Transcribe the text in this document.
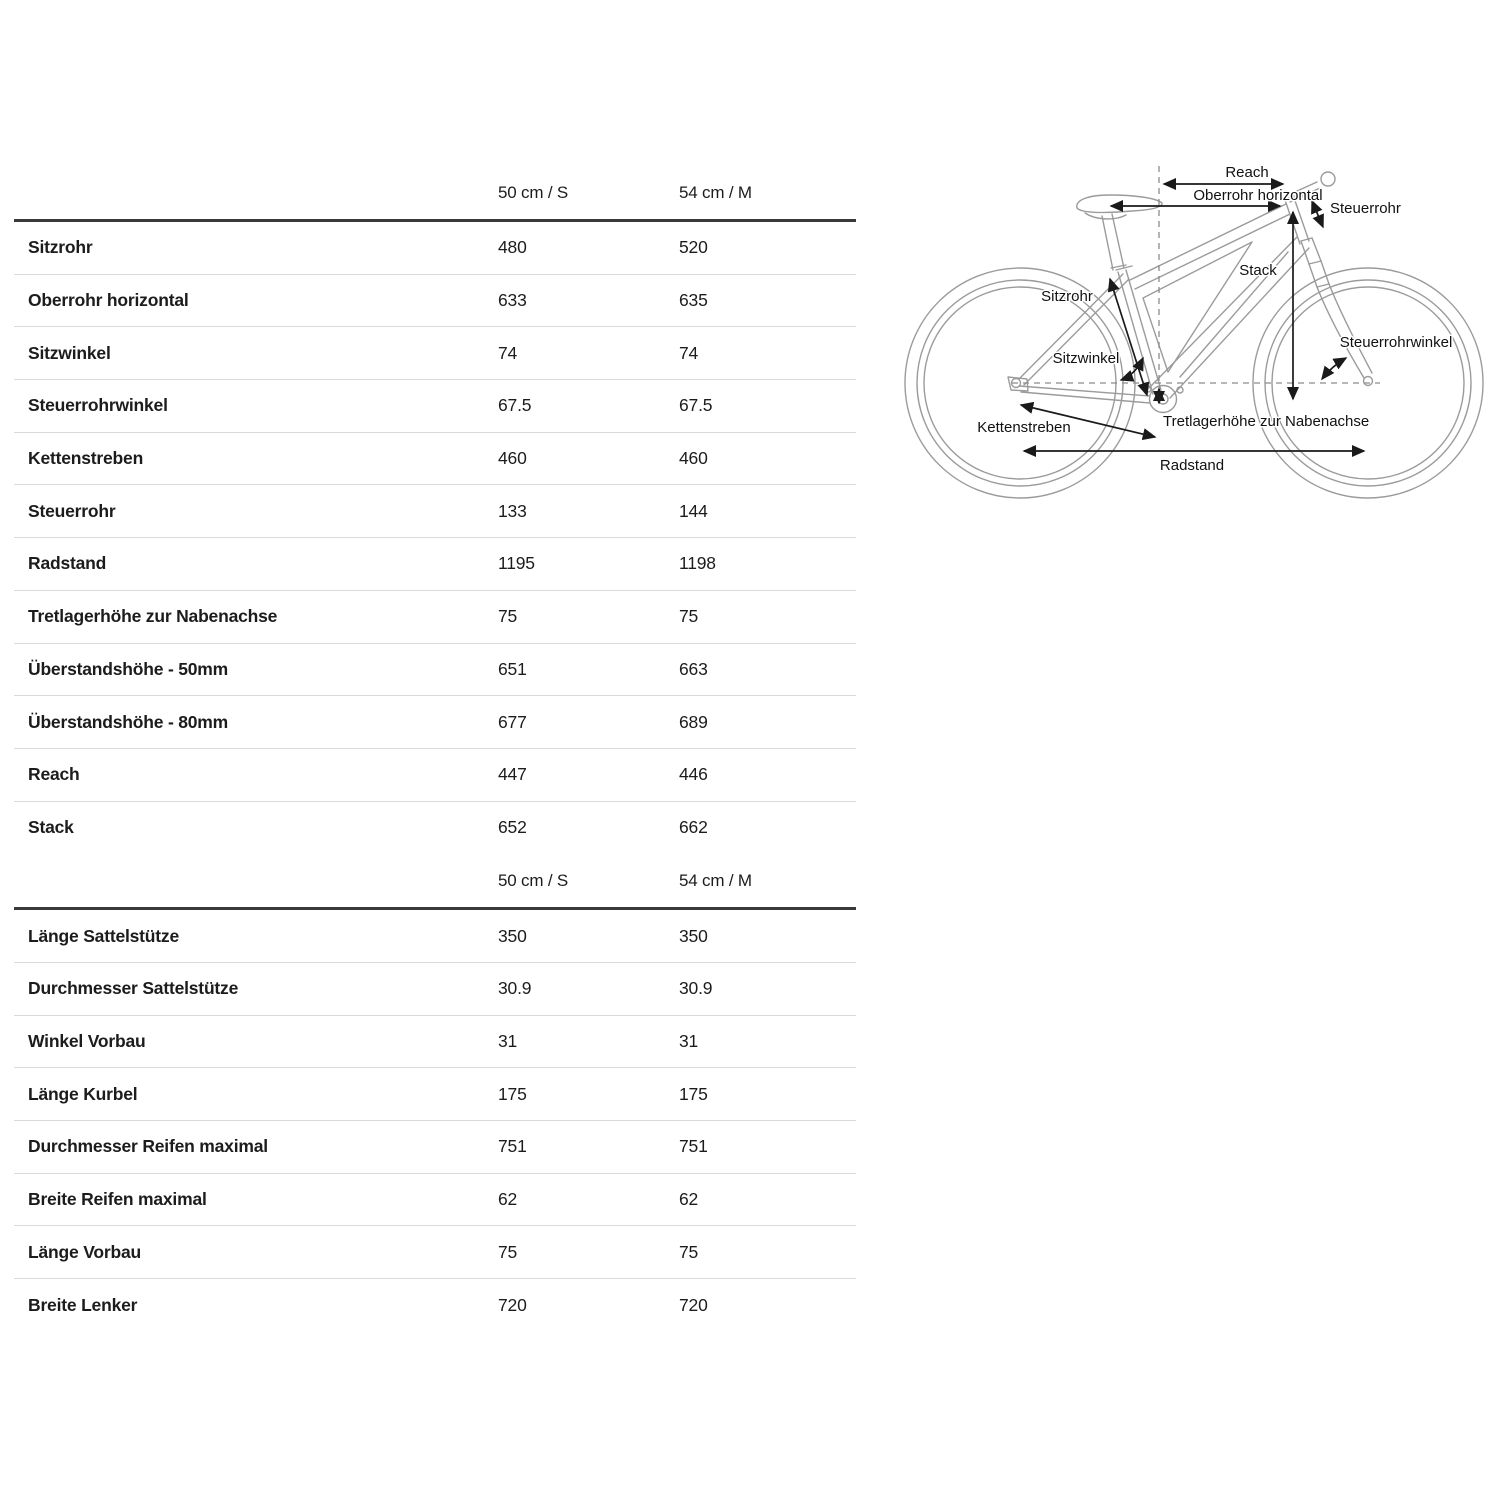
50 cm / S	54 cm / M
Sitzrohr	480	520
Oberrohr horizontal	633	635
Sitzwinkel	74	74
Steuerrohrwinkel	67.5	67.5
Kettenstreben	460	460
Steuerrohr	133	144
Radstand	1195	1198
Tretlagerhöhe zur Nabenachse	75	75
Überstandshöhe - 50mm	651	663
Überstandshöhe - 80mm	677	689
Reach	447	446
Stack	652	662
50 cm / S	54 cm / M
Länge Sattelstütze	350	350
Durchmesser Sattelstütze	30.9	30.9
Winkel Vorbau	31	31
Länge Kurbel	175	175
Durchmesser Reifen maximal	751	751
Breite Reifen maximal	62	62
Länge Vorbau	75	75
Breite Lenker	720	720
Reach
Oberrohr horizontal
Steuerrohr
Stack
Sitzrohr
Sitzwinkel
Steuerrohrwinkel
Kettenstreben	Tretlagerhöhe zur Nabenachse
Radstand
